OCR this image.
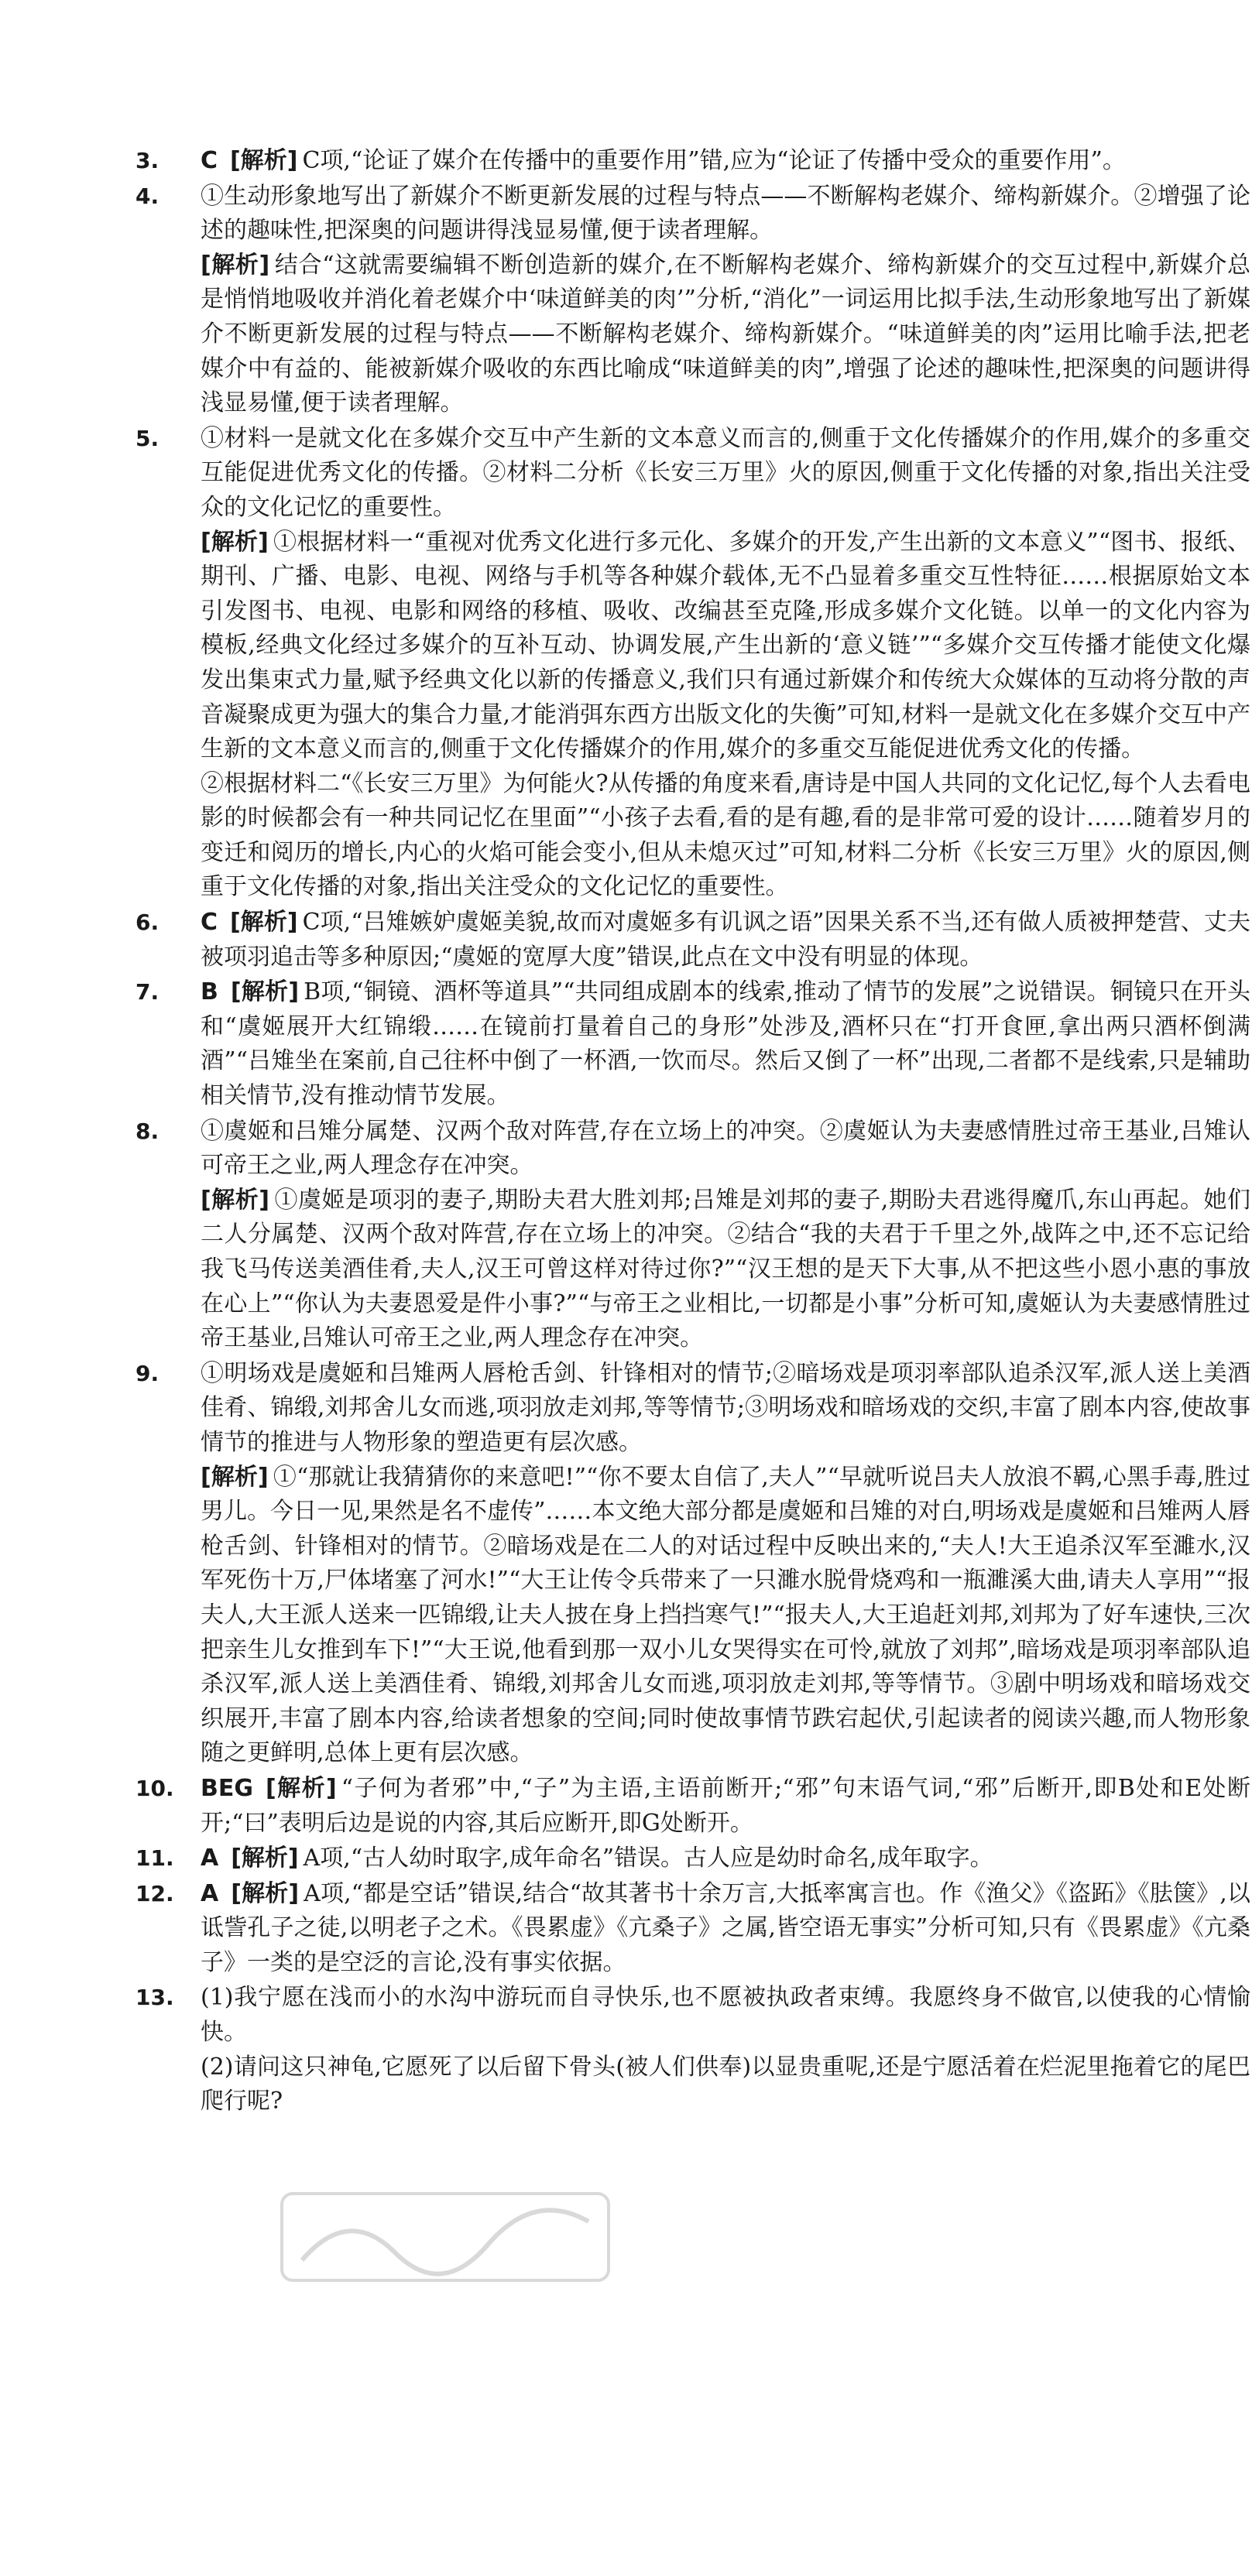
3. C [解析] C项,“论证了媒介在传播中的重要作用”错,应为“论证了传播中受众的重要作用”。

4. ①生动形象地写出了新媒介不断更新发展的过程与特点——不断解构老媒介、缔构新媒介。②增强了论述的趣味性,把深奥的问题讲得浅显易懂,便于读者理解。

[解析] 结合“这就需要编辑不断创造新的媒介,在不断解构老媒介、缔构新媒介的交互过程中,新媒介总是悄悄地吸收并消化着老媒介中‘味道鲜美的肉’”分析,“消化”一词运用比拟手法,生动形象地写出了新媒介不断更新发展的过程与特点——不断解构老媒介、缔构新媒介。“味道鲜美的肉”运用比喻手法,把老媒介中有益的、能被新媒介吸收的东西比喻成“味道鲜美的肉”,增强了论述的趣味性,把深奥的问题讲得浅显易懂,便于读者理解。

5. ①材料一是就文化在多媒介交互中产生新的文本意义而言的,侧重于文化传播媒介的作用,媒介的多重交互能促进优秀文化的传播。②材料二分析《长安三万里》火的原因,侧重于文化传播的对象,指出关注受众的文化记忆的重要性。

[解析] ①根据材料一“重视对优秀文化进行多元化、多媒介的开发,产生出新的文本意义”“图书、报纸、期刊、广播、电影、电视、网络与手机等各种媒介载体,无不凸显着多重交互性特征……根据原始文本引发图书、电视、电影和网络的移植、吸收、改编甚至克隆,形成多媒介文化链。以单一的文化内容为模板,经典文化经过多媒介的互补互动、协调发展,产生出新的‘意义链’”“多媒介交互传播才能使文化爆发出集束式力量,赋予经典文化以新的传播意义,我们只有通过新媒介和传统大众媒体的互动将分散的声音凝聚成更为强大的集合力量,才能消弭东西方出版文化的失衡”可知,材料一是就文化在多媒介交互中产生新的文本意义而言的,侧重于文化传播媒介的作用,媒介的多重交互能促进优秀文化的传播。

②根据材料二“《长安三万里》为何能火?从传播的角度来看,唐诗是中国人共同的文化记忆,每个人去看电影的时候都会有一种共同记忆在里面”“小孩子去看,看的是有趣,看的是非常可爱的设计……随着岁月的变迁和阅历的增长,内心的火焰可能会变小,但从未熄灭过”可知,材料二分析《长安三万里》火的原因,侧重于文化传播的对象,指出关注受众的文化记忆的重要性。

6. C [解析] C项,“吕雉嫉妒虞姬美貌,故而对虞姬多有讥讽之语”因果关系不当,还有做人质被押楚营、丈夫被项羽追击等多种原因;“虞姬的宽厚大度”错误,此点在文中没有明显的体现。

7. B [解析] B项,“铜镜、酒杯等道具”“共同组成剧本的线索,推动了情节的发展”之说错误。铜镜只在开头和“虞姬展开大红锦缎……在镜前打量着自己的身形”处涉及,酒杯只在“打开食匣,拿出两只酒杯倒满酒”“吕雉坐在案前,自己往杯中倒了一杯酒,一饮而尽。然后又倒了一杯”出现,二者都不是线索,只是辅助相关情节,没有推动情节发展。

8. ①虞姬和吕雉分属楚、汉两个敌对阵营,存在立场上的冲突。②虞姬认为夫妻感情胜过帝王基业,吕雉认可帝王之业,两人理念存在冲突。

[解析] ①虞姬是项羽的妻子,期盼夫君大胜刘邦;吕雉是刘邦的妻子,期盼夫君逃得魔爪,东山再起。她们二人分属楚、汉两个敌对阵营,存在立场上的冲突。②结合“我的夫君于千里之外,战阵之中,还不忘记给我飞马传送美酒佳肴,夫人,汉王可曾这样对待过你?”“汉王想的是天下大事,从不把这些小恩小惠的事放在心上”“你认为夫妻恩爱是件小事?”“与帝王之业相比,一切都是小事”分析可知,虞姬认为夫妻感情胜过帝王基业,吕雉认可帝王之业,两人理念存在冲突。

9. ①明场戏是虞姬和吕雉两人唇枪舌剑、针锋相对的情节;②暗场戏是项羽率部队追杀汉军,派人送上美酒佳肴、锦缎,刘邦舍儿女而逃,项羽放走刘邦,等等情节;③明场戏和暗场戏的交织,丰富了剧本内容,使故事情节的推进与人物形象的塑造更有层次感。

[解析] ①“那就让我猜猜你的来意吧!”“你不要太自信了,夫人”“早就听说吕夫人放浪不羁,心黑手毒,胜过男儿。今日一见,果然是名不虚传”……本文绝大部分都是虞姬和吕雉的对白,明场戏是虞姬和吕雉两人唇枪舌剑、针锋相对的情节。②暗场戏是在二人的对话过程中反映出来的,“夫人!大王追杀汉军至濉水,汉军死伤十万,尸体堵塞了河水!”“大王让传令兵带来了一只濉水脱骨烧鸡和一瓶濉溪大曲,请夫人享用”“报夫人,大王派人送来一匹锦缎,让夫人披在身上挡挡寒气!”“报夫人,大王追赶刘邦,刘邦为了好车速快,三次把亲生儿女推到车下!”“大王说,他看到那一双小儿女哭得实在可怜,就放了刘邦”,暗场戏是项羽率部队追杀汉军,派人送上美酒佳肴、锦缎,刘邦舍儿女而逃,项羽放走刘邦,等等情节。③剧中明场戏和暗场戏交织展开,丰富了剧本内容,给读者想象的空间;同时使故事情节跌宕起伏,引起读者的阅读兴趣,而人物形象随之更鲜明,总体上更有层次感。

10. BEG [解析] “子何为者邪”中,“子”为主语,主语前断开;“邪”句末语气词,“邪”后断开,即B处和E处断开;“曰”表明后边是说的内容,其后应断开,即G处断开。

11. A [解析] A项,“古人幼时取字,成年命名”错误。古人应是幼时命名,成年取字。

12. A [解析] A项,“都是空话”错误,结合“故其著书十余万言,大抵率寓言也。作《渔父》《盗跖》《胠箧》,以诋訾孔子之徒,以明老子之术。《畏累虚》《亢桑子》之属,皆空语无事实”分析可知,只有《畏累虚》《亢桑子》一类的是空泛的言论,没有事实依据。

13. (1)我宁愿在浅而小的水沟中游玩而自寻快乐,也不愿被执政者束缚。我愿终身不做官,以使我的心情愉快。

(2)请问这只神龟,它愿死了以后留下骨头(被人们供奉)以显贵重呢,还是宁愿活着在烂泥里拖着它的尾巴爬行呢?
